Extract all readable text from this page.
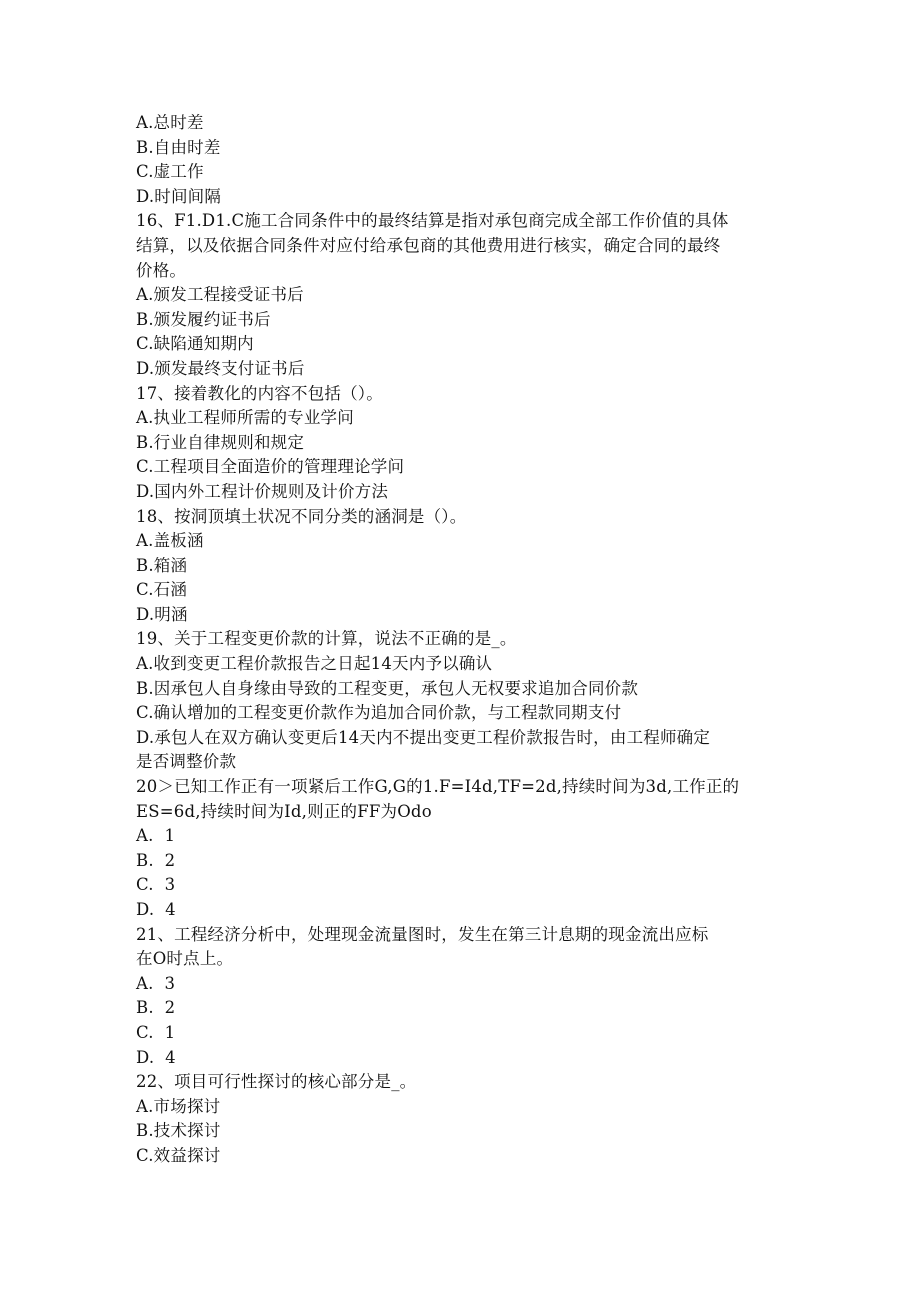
A.总时差
B.自由时差
C.虚工作
D.时间间隔
16、F1.D1.C施工合同条件中的最终结算是指对承包商完成全部工作价值的具体
结算，以及依据合同条件对应付给承包商的其他费用进行核实，确定合同的最终
价格。
A.颁发工程接受证书后
B.颁发履约证书后
C.缺陷通知期内
D.颁发最终支付证书后
17、接着教化的内容不包括（）。
A.执业工程师所需的专业学问
B.行业自律规则和规定
C.工程项目全面造价的管理理论学问
D.国内外工程计价规则及计价方法
18、按洞顶填土状况不同分类的涵洞是（）。
A.盖板涵
B.箱涵
C.石涵
D.明涵
19、关于工程变更价款的计算，说法不正确的是_。
A.收到变更工程价款报告之日起14天内予以确认
B.因承包人自身缘由导致的工程变更，承包人无权要求追加合同价款
C.确认增加的工程变更价款作为追加合同价款，与工程款同期支付
D.承包人在双方确认变更后14天内不提出变更工程价款报告时，由工程师确定
是否调整价款
20＞已知工作正有一项紧后工作G,G的1.F=I4d,TF=2d,持续时间为3d,工作正的
ES=6d,持续时间为Id,则正的FF为Odo
A.  1
B.  2
C.  3
D.  4
21、工程经济分析中，处理现金流量图时，发生在第三计息期的现金流出应标
在O时点上。
A.  3
B.  2
C.  1
D.  4
22、项目可行性探讨的核心部分是_。
A.市场探讨
B.技术探讨
C.效益探讨
